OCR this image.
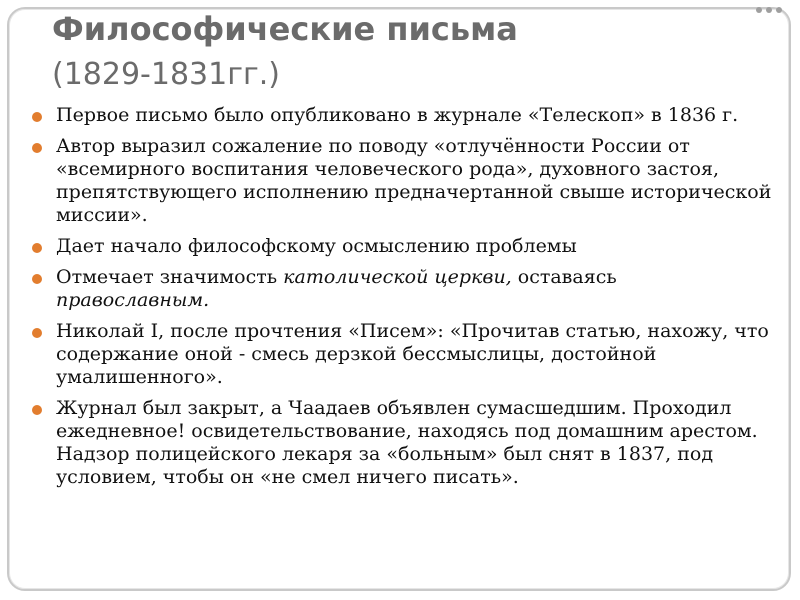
Философические письма
(1829-1831гг.)
Первое письмо было опубликовано в журнале «Телескоп» в 1836 г.
Автор выразил сожаление по поводу «отлучённости России от «всемирного воспитания человеческого рода», духовного застоя, препятствующего исполнению предначертанной свыше исторической миссии».
Дает начало философскому осмыслению проблемы
Отмечает значимость католической церкви, оставаясь православным.
Николай I, после прочтения «Писем»: «Прочитав статью, нахожу, что содержание оной - смесь дерзкой бессмыслицы, достойной умалишенного».
Журнал был закрыт, а Чаадаев объявлен сумасшедшим. Проходил ежедневное! освидетельствование, находясь под домашним арестом. Надзор полицейского лекаря за «больным» был снят в 1837, под условием, чтобы он «не смел ничего писать».
